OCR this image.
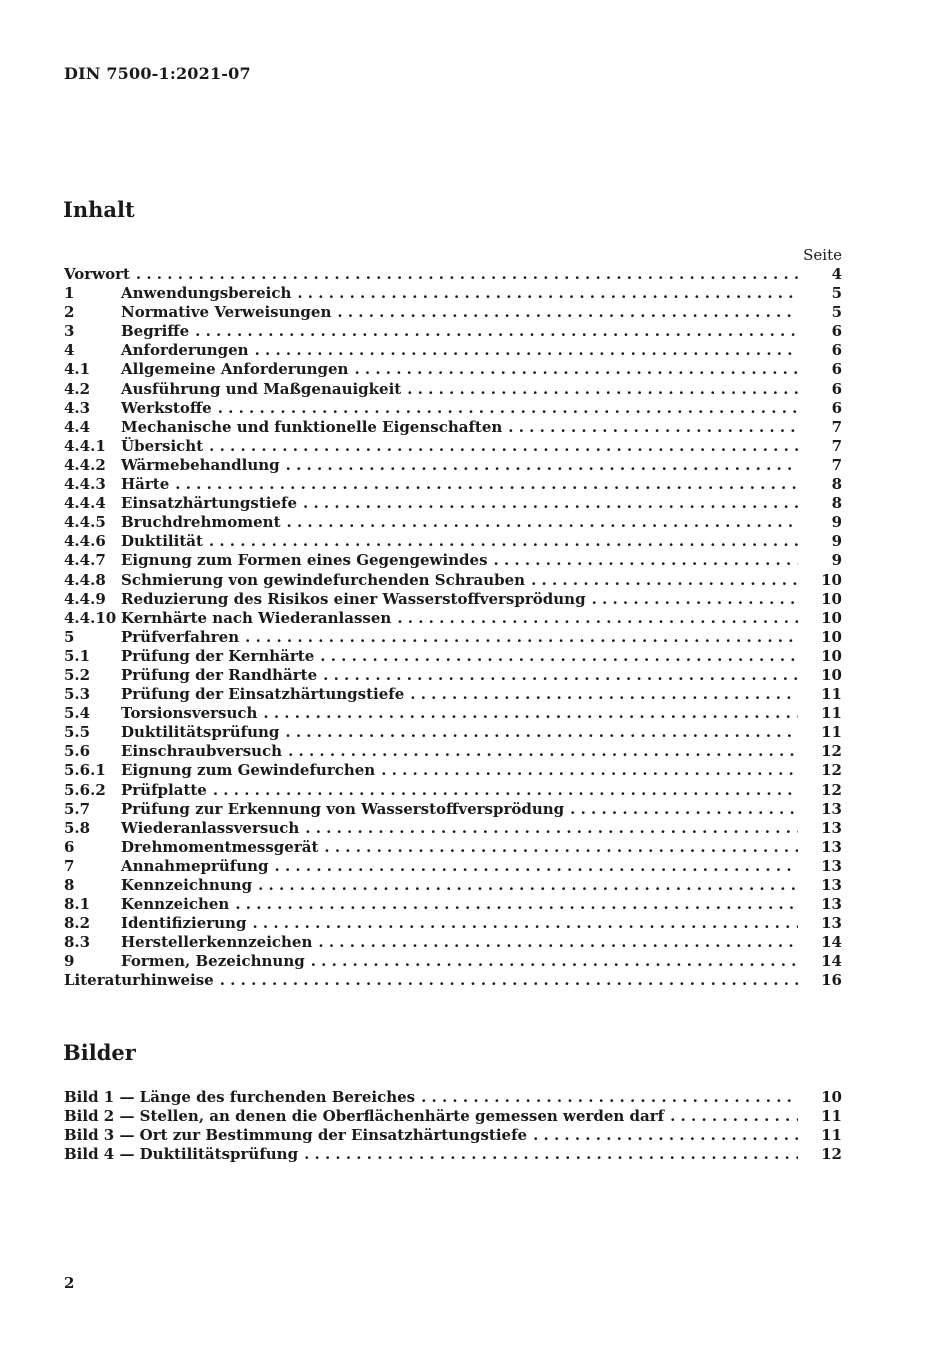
DIN 7500-1:2021-07
Inhalt
Seite
Vorwort . . .	4
1	Anwendungsbereich . . .	5
2	Normative Verweisungen . . .	5
3	Begriffe . . .	6
4	Anforderungen . . .	6
4.1	Allgemeine Anforderungen . . .	6
4.2	Ausführung und Maßgenauigkeit . . .	6
4.3	Werkstoffe . . .	6
4.4	Mechanische und funktionelle Eigenschaften . . .	7
4.4.1	Übersicht . . .	7
4.4.2	Wärmebehandlung . . .	7
4.4.3	Härte . . .	8
4.4.4	Einsatzhärtungstiefe . . .	8
4.4.5	Bruchdrehmoment . . .	9
4.4.6	Duktilität . . .	9
4.4.7	Eignung zum Formen eines Gegengewindes . . .	9
4.4.8	Schmierung von gewindefurchenden Schrauben . . .	10
4.4.9	Reduzierung des Risikos einer Wasserstoffversprödung . . .	10
4.4.10 Kernhärte nach Wiederanlassen . . .	10
5	Prüfverfahren . . .	10
5.1	Prüfung der Kernhärte . . .	10
5.2	Prüfung der Randhärte . . .	10
5.3	Prüfung der Einsatzhärtungstiefe . . .	11
5.4	Torsionsversuch . . .	11
5.5	Duktilitätsprüfung . . .	11
5.6	Einschraubversuch . . .	12
5.6.1	Eignung zum Gewindefurchen . . .	12
5.6.2	Prüfplatte . . .	12
5.7	Prüfung zur Erkennung von Wasserstoffversprödung . . .	13
5.8	Wiederanlassversuch . . .	13
6	Drehmomentmessgerät . . .	13
7	Annahmeprüfung . . .	13
8	Kennzeichnung . . .	13
8.1	Kennzeichen . . .	13
8.2	Identifizierung . . .	13
8.3	Herstellerkennzeichen . . .	14
9	Formen, Bezeichnung . . .	14
Literaturhinweise . . .	16
Bilder
Bild 1 — Länge des furchenden Bereiches . . .	10
Bild 2 — Stellen, an denen die Oberflächenhärte gemessen werden darf . . .	11
Bild 3 — Ort zur Bestimmung der Einsatzhärtungstiefe . . .	11
Bild 4 — Duktilitätsprüfung . . .	12
2
